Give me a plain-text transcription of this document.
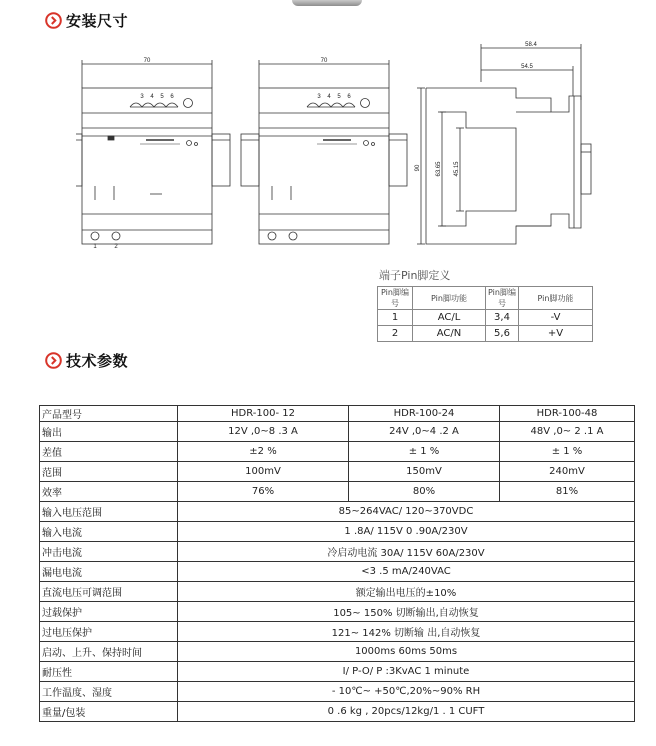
安装尺寸
70	70
58.4
54.5
90	63.65 45.15
3 4 5 6
1	2
3 4 5 6
端子Pin脚定义
Pin脚编号	Pin脚功能	Pin脚编号	Pin脚功能
1	AC/L	3,4	-V
2	AC/N	5,6	+V
技术参数
产品型号	HDR-100- 12	HDR-100-24	HDR-100-48
输出	12V ,0~8 .3 A	24V ,0~4 .2 A	48V ,0~ 2 .1 A
差值	±2 %	± 1 %	± 1 %
范围	100mV	150mV	240mV
效率	76%	80%	81%
输入电压范围	85~264VAC/ 120~370VDC		
输入电流	1 .8A/ 115V 0 .90A/230V		
冲击电流	冷启动电流 30A/ 115V 60A/230V		
漏电电流	<3 .5 mA/240VAC		
直流电压可调范围	额定输出电压的±10%		
过载保护	105~ 150% 切断输出,自动恢复		
过电压保护	121~ 142% 切断输 出,自动恢复		
启动、上升、保持时间	1000ms 60ms 50ms		
耐压性	I/ P-O/ P :3KvAC 1 minute		
工作温度、湿度	- 10℃~ +50℃,20%~90% RH		
重量/包装	0 .6 kg , 20pcs/12kg/1 . 1 CUFT		
